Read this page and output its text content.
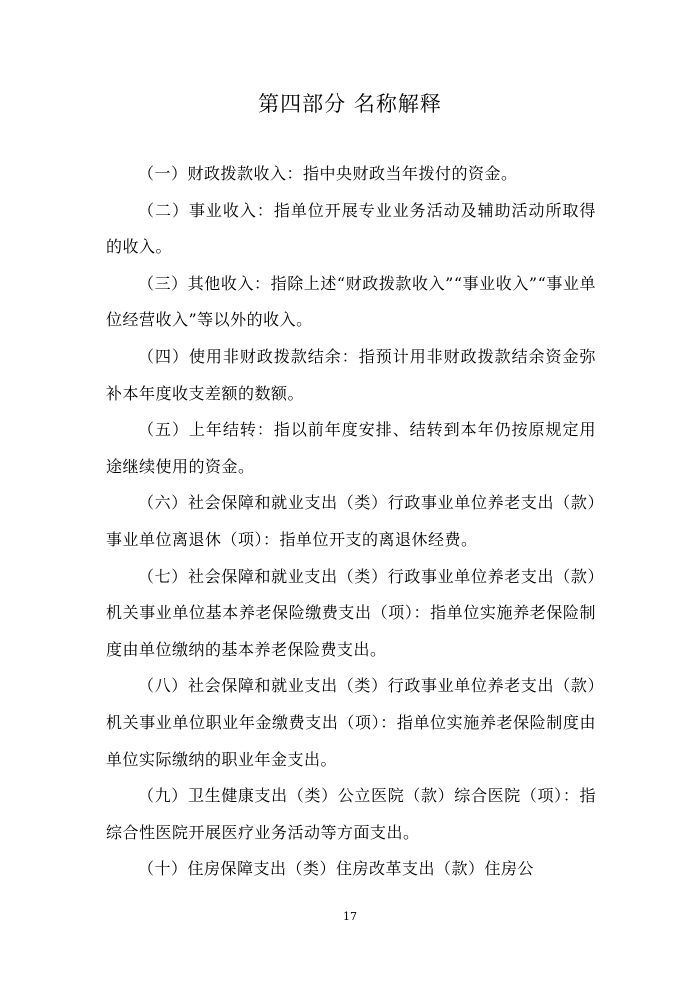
第四部分 名称解释

（一）财政拨款收入：指中央财政当年拨付的资金。

（二）事业收入：指单位开展专业业务活动及辅助活动所取得的收入。

（三）其他收入：指除上述“财政拨款收入”“事业收入”“事业单位经营收入”等以外的收入。

（四）使用非财政拨款结余：指预计用非财政拨款结余资金弥补本年度收支差额的数额。

（五）上年结转：指以前年度安排、结转到本年仍按原规定用途继续使用的资金。

（六）社会保障和就业支出（类）行政事业单位养老支出（款）事业单位离退休（项）：指单位开支的离退休经费。

（七）社会保障和就业支出（类）行政事业单位养老支出（款）机关事业单位基本养老保险缴费支出（项）：指单位实施养老保险制度由单位缴纳的基本养老保险费支出。

（八）社会保障和就业支出（类）行政事业单位养老支出（款）机关事业单位职业年金缴费支出（项）：指单位实施养老保险制度由单位实际缴纳的职业年金支出。

（九）卫生健康支出（类）公立医院（款）综合医院（项）：指综合性医院开展医疗业务活动等方面支出。

（十）住房保障支出（类）住房改革支出（款）住房公

17
